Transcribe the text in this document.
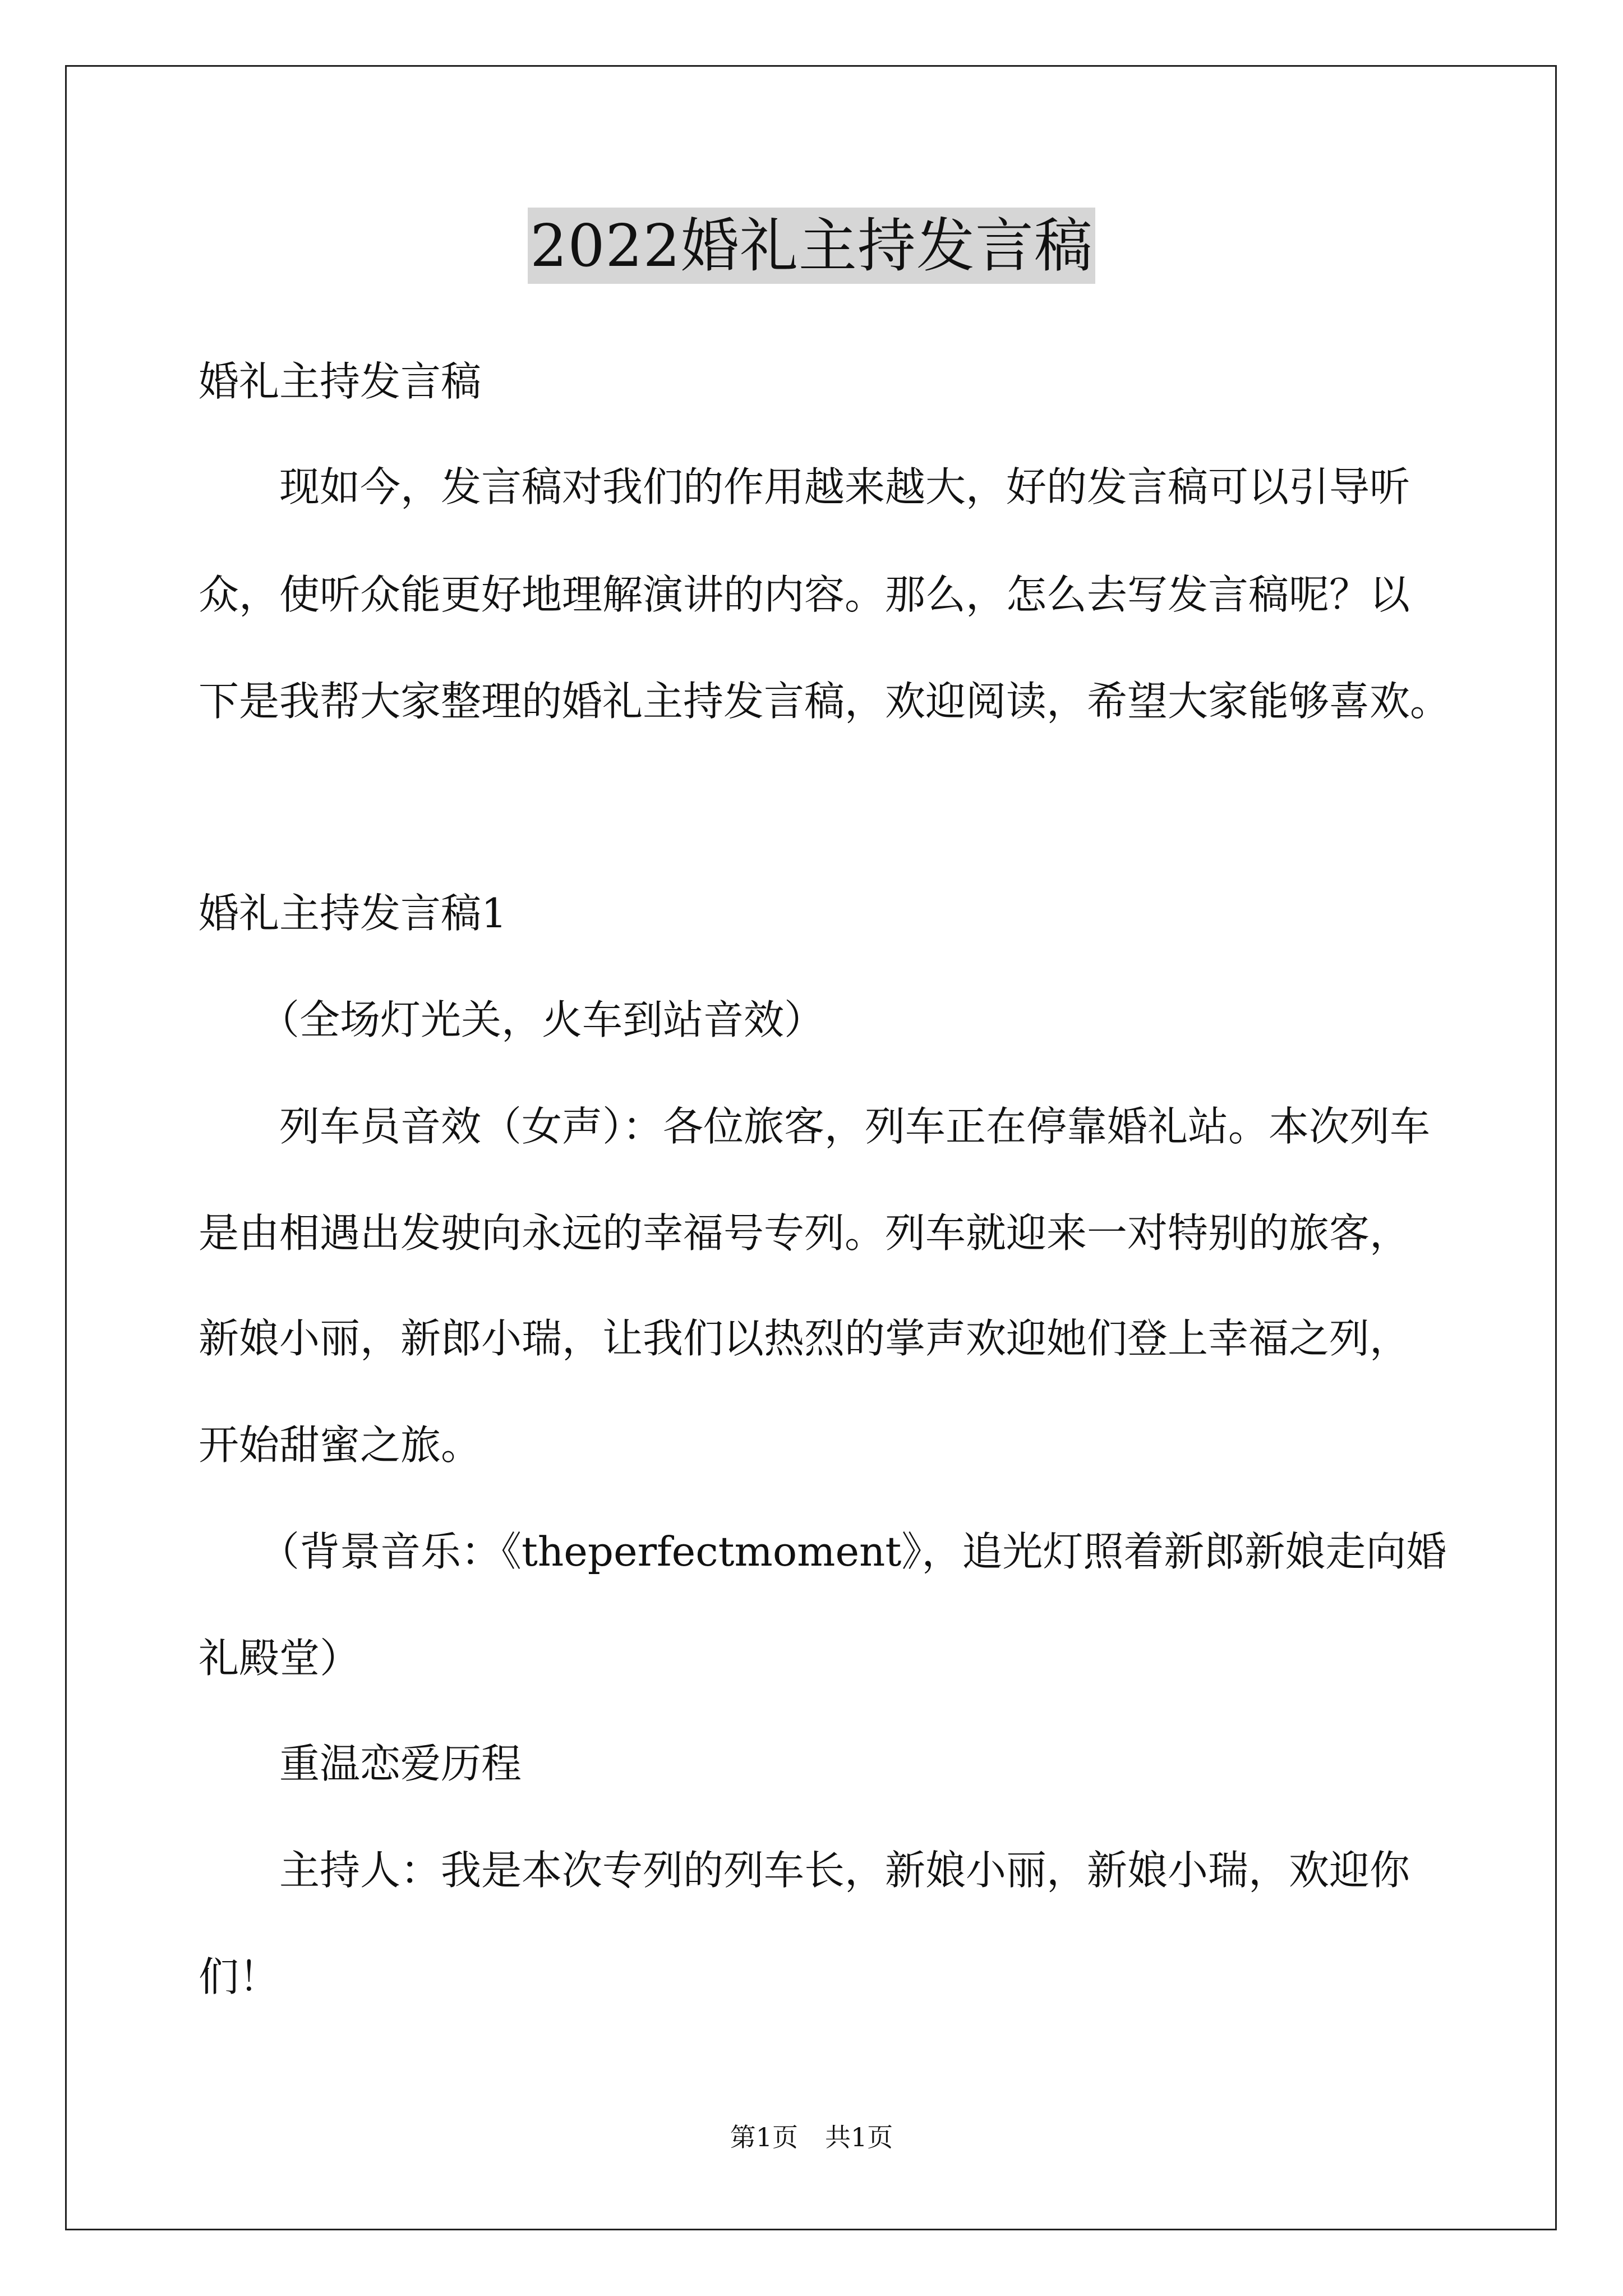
2022婚礼主持发言稿

婚礼主持发言稿

　　现如今，发言稿对我们的作用越来越大，好的发言稿可以引导听

众，使听众能更好地理解演讲的内容。那么，怎么去写发言稿呢？以

下是我帮大家整理的婚礼主持发言稿，欢迎阅读，希望大家能够喜欢。

婚礼主持发言稿1

　　（全场灯光关，火车到站音效）

　　列车员音效（女声）：各位旅客，列车正在停靠婚礼站。本次列车

是由相遇出发驶向永远的幸福号专列。列车就迎来一对特别的旅客，

新娘小丽，新郎小瑞，让我们以热烈的掌声欢迎她们登上幸福之列，

开始甜蜜之旅。

　　（背景音乐：《theperfectmoment》，追光灯照着新郎新娘走向婚

礼殿堂）

　　重温恋爱历程

　　主持人：我是本次专列的列车长，新娘小丽，新娘小瑞，欢迎你

们！

第1页 共1页
